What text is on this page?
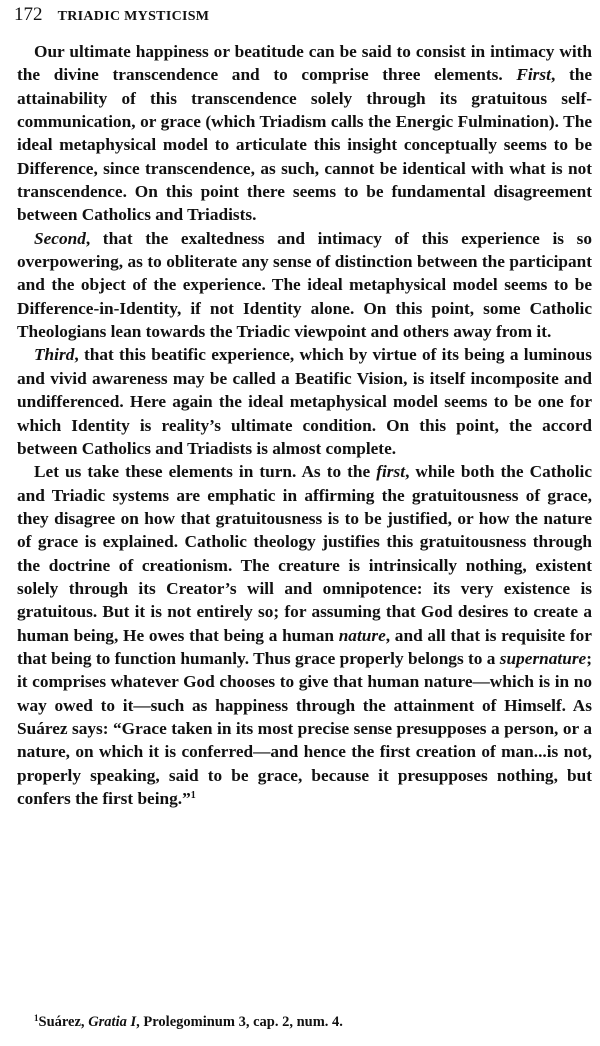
172 TRIADIC MYSTICISM

Our ultimate happiness or beatitude can be said to consist in intimacy with the divine transcendence and to comprise three elements. First, the attainability of this transcendence solely through its gratuitous self-communication, or grace (which Triadism calls the Energic Fulmination). The ideal metaphysical model to articulate this insight conceptually seems to be Difference, since transcendence, as such, cannot be identical with what is not transcendence. On this point there seems to be fundamental disagreement between Catholics and Triadists.

Second, that the exaltedness and intimacy of this experience is so overpowering, as to obliterate any sense of distinction between the participant and the object of the experience. The ideal metaphysical model seems to be Difference-in-Identity, if not Identity alone. On this point, some Catholic Theologians lean towards the Triadic viewpoint and others away from it.

Third, that this beatific experience, which by virtue of its being a luminous and vivid awareness may be called a Beatific Vision, is itself incomposite and undifferenced. Here again the ideal metaphysical model seems to be one for which Identity is reality’s ultimate condition. On this point, the accord between Catholics and Triadists is almost complete.

Let us take these elements in turn. As to the first, while both the Catholic and Triadic systems are emphatic in affirming the gratuitousness of grace, they disagree on how that gratuitousness is to be justified, or how the nature of grace is explained. Catholic theology justifies this gratuitousness through the doctrine of creationism. The creature is intrinsically nothing, existent solely through its Creator’s will and omnipotence: its very existence is gratuitous. But it is not entirely so; for assuming that God desires to create a human being, He owes that being a human nature, and all that is requisite for that being to function humanly. Thus grace properly belongs to a supernature; it comprises whatever God chooses to give that human nature—which is in no way owed to it—such as happiness through the attainment of Himself. As Suárez says: “Grace taken in its most precise sense presupposes a person, or a nature, on which it is conferred—and hence the first creation of man...is not, properly speaking, said to be grace, because it presupposes nothing, but confers the first being.”$^1$

$^1$Suárez, Gratia I, Prolegominum 3, cap. 2, num. 4.
